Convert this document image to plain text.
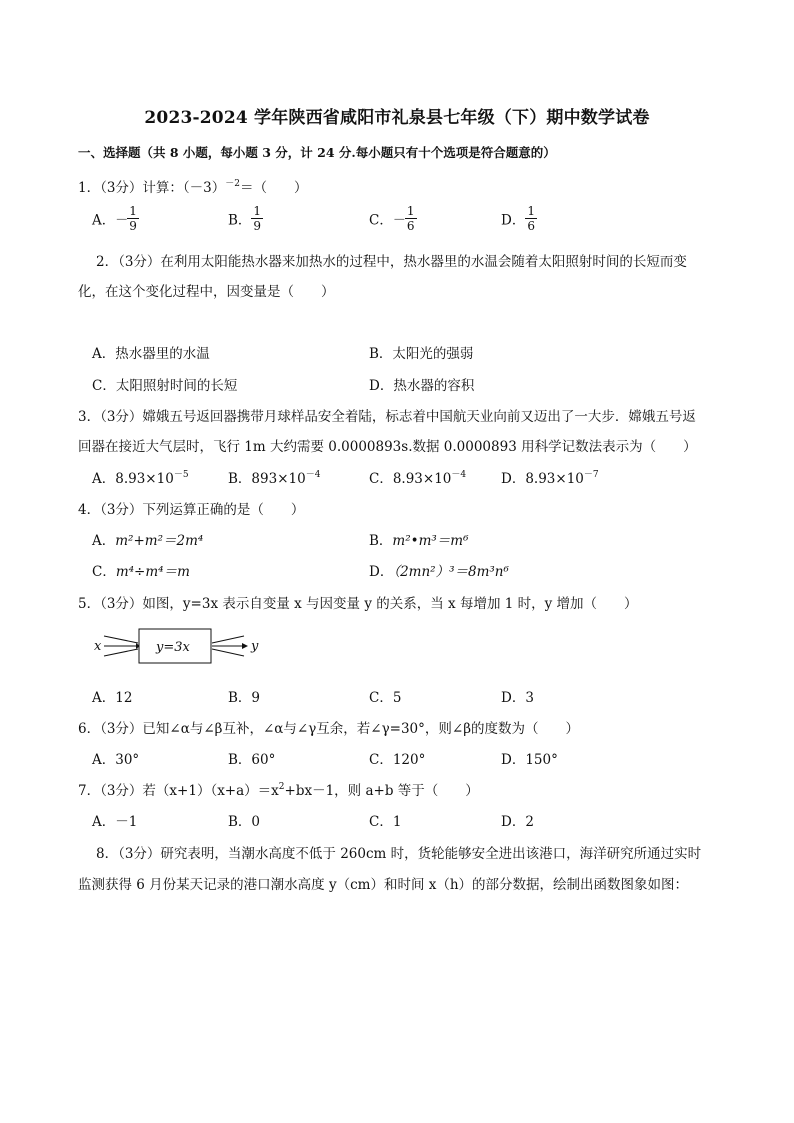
2023-2024 学年陕西省咸阳市礼泉县七年级（下）期中数学试卷
一、选择题（共 8 小题，每小题 3 分，计 24 分.每小题只有十个选项是符合题意的）
1．（3分）计算：$(-3)^{-2}=$（　　）
A．－ $\frac{1}{9}$	B． $\frac{1}{9}$	C．－ $\frac{1}{6}$	D． $\frac{1}{6}$
2．（3分）在利用太阳能热水器来加热水的过程中，热水器里的水温会随着太阳照射时间的长短而变
化，在这个变化过程中，因变量是（　　）
A．热水器里的水温	B．太阳光的强弱
C．太阳照射时间的长短	D．热水器的容积
3．（3分）嫦娥五号返回器携带月球样品安全着陆，标志着中国航天业向前又迈出了一大步．嫦娥五号返
回器在接近大气层时，飞行 1m 大约需要 0.0000893s.数据 0.0000893 用科学记数法表示为（　　）
A．$8.93\times 10^{-5}$	B．$893\times 10^{-4}$	C．$8.93\times 10^{-4}$	D．$8.93\times 10^{-7}$
4．（3分）下列运算正确的是（　　）
A．m²+m²＝2m⁴	B．m²•m³＝m⁶
C．m⁴÷m⁴＝m	D．（2mn²）³＝8m³n⁶
5．（3分）如图，y=3x 表示自变量 x 与因变量 y 的关系，当 x 每增加 1 时，y 增加（　　）
x	y=3x	y
A．12	B．9	C．5	D．3
6．（3分）已知∠α与∠β互补，∠α与∠γ互余，若∠γ=30°，则∠β的度数为（　　）
A．30°	B．60°	C．120°	D．150°
7．（3分）若$(x+1)(x+a)=x^2+bx-1$，则 a+b 等于（　　）
A．－1	B．0	C．1	D．2
8．（3分）研究表明，当潮水高度不低于 260cm 时，货轮能够安全进出该港口，海洋研究所通过实时
监测获得 6 月份某天记录的港口潮水高度 y（cm）和时间 x（h）的部分数据，绘制出函数图象如图：
